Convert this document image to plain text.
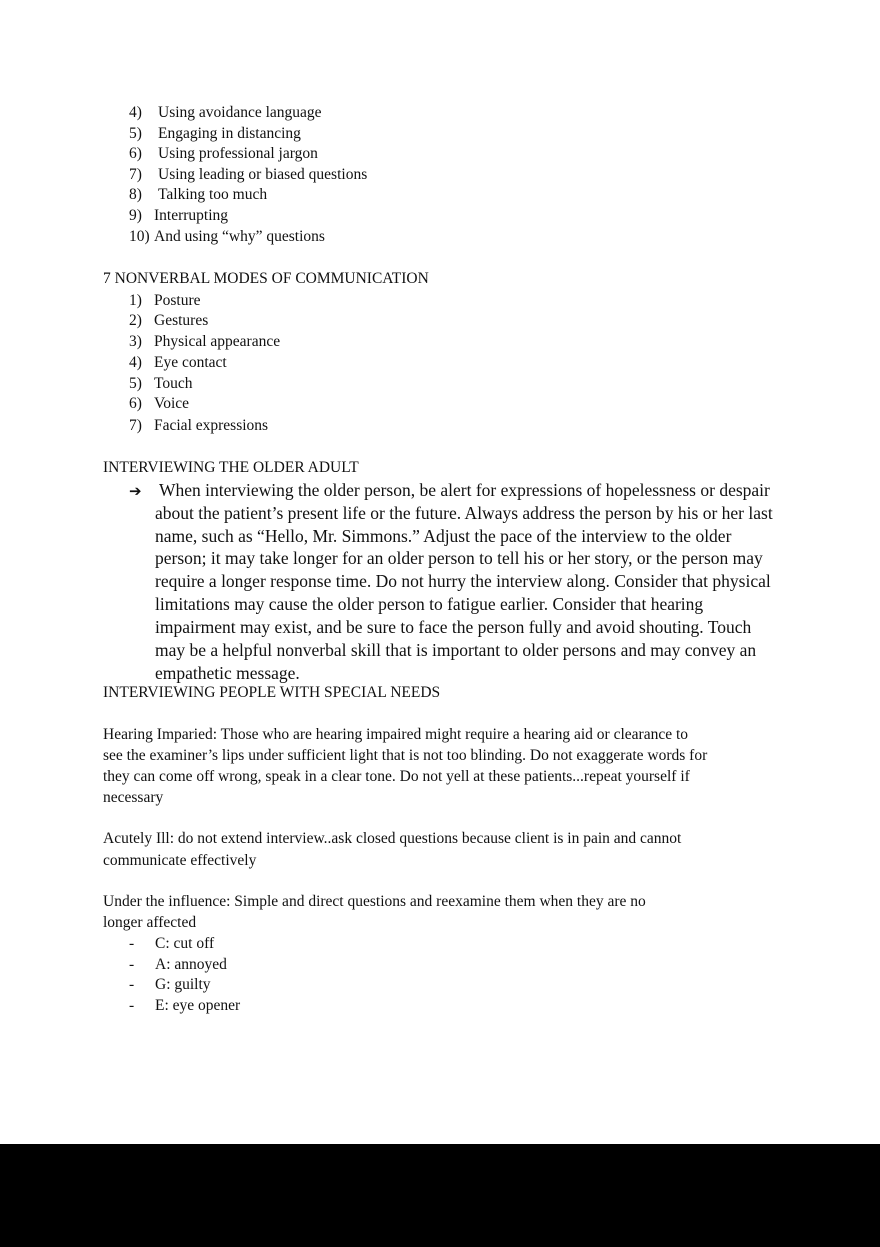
4) Using avoidance language
5) Engaging in distancing
6) Using professional jargon
7) Using leading or biased questions
8) Talking too much
9) Interrupting
10) And using “why” questions
7 NONVERBAL MODES OF COMMUNICATION
1) Posture
2) Gestures
3) Physical appearance
4) Eye contact
5) Touch
6) Voice
7) Facial expressions
INTERVIEWING THE OLDER ADULT
➔ When interviewing the older person, be alert for expressions of hopelessness or despair
about the patient’s present life or the future. Always address the person by his or her last
name, such as “Hello, Mr. Simmons.” Adjust the pace of the interview to the older
person; it may take longer for an older person to tell his or her story, or the person may
require a longer response time. Do not hurry the interview along. Consider that physical
limitations may cause the older person to fatigue earlier. Consider that hearing
impairment may exist, and be sure to face the person fully and avoid shouting. Touch
may be a helpful nonverbal skill that is important to older persons and may convey an
empathetic message.
INTERVIEWING PEOPLE WITH SPECIAL NEEDS
Hearing Imparied: Those who are hearing impaired might require a hearing aid or clearance to
see the examiner’s lips under sufficient light that is not too blinding. Do not exaggerate words for
they can come off wrong, speak in a clear tone. Do not yell at these patients...repeat yourself if
necessary
Acutely Ill: do not extend interview..ask closed questions because client is in pain and cannot
communicate effectively
Under the influence: Simple and direct questions and reexamine them when they are no
longer affected
- C: cut off
- A: annoyed
- G: guilty
- E: eye opener
